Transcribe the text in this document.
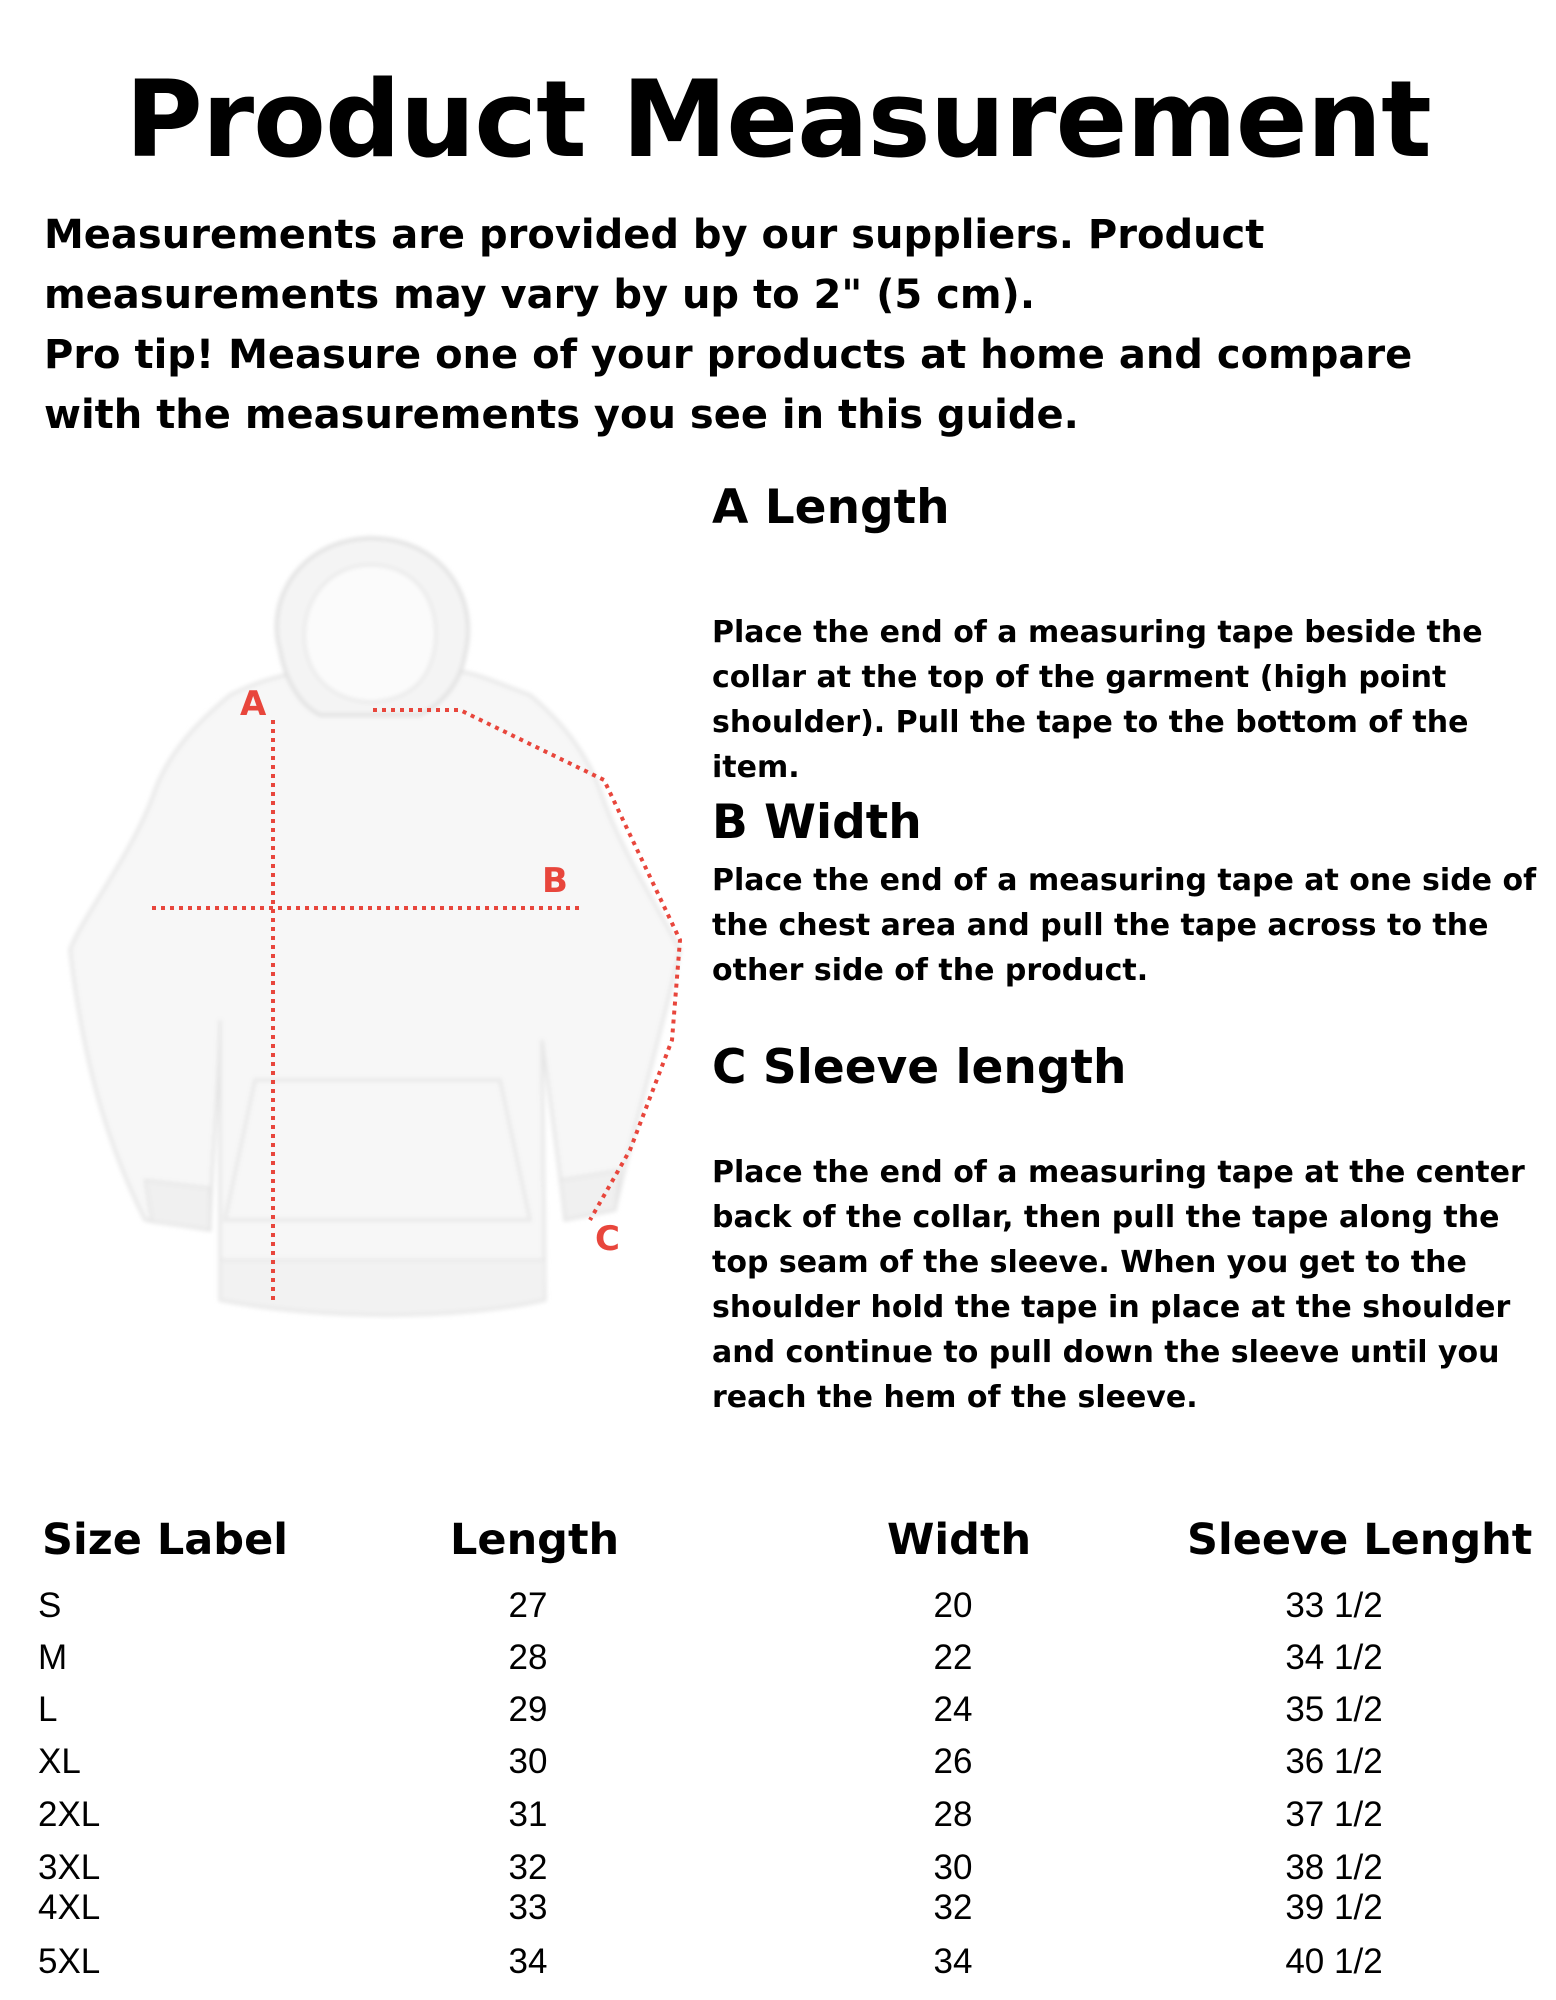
Product Measurement

Measurements are provided by our suppliers. Product measurements may vary by up to 2" (5 cm).

Pro tip! Measure one of your products at home and compare with the measurements you see in this guide.

A
B
C
A Length
Place the end of a measuring tape beside the collar at the top of the garment (high point shoulder). Pull the tape to the bottom of the item.
B Width
Place the end of a measuring tape at one side of the chest area and pull the tape across to the other side of the product.
C Sleeve length
Place the end of a measuring tape at the center back of the collar, then pull the tape along the top seam of the sleeve. When you get to the shoulder hold the tape in place at the shoulder and continue to pull down the sleeve until you reach the hem of the sleeve.
Size Label	Length	Width	Sleeve Lenght
S	27	20	33 1/2
M	28	22	34 1/2
L	29	24	35 1/2
XL	30	26	36 1/2
2XL	31	28	37 1/2
3XL	32	30	38 1/2
4XL	33	32	39 1/2
5XL	34	34	40 1/2
